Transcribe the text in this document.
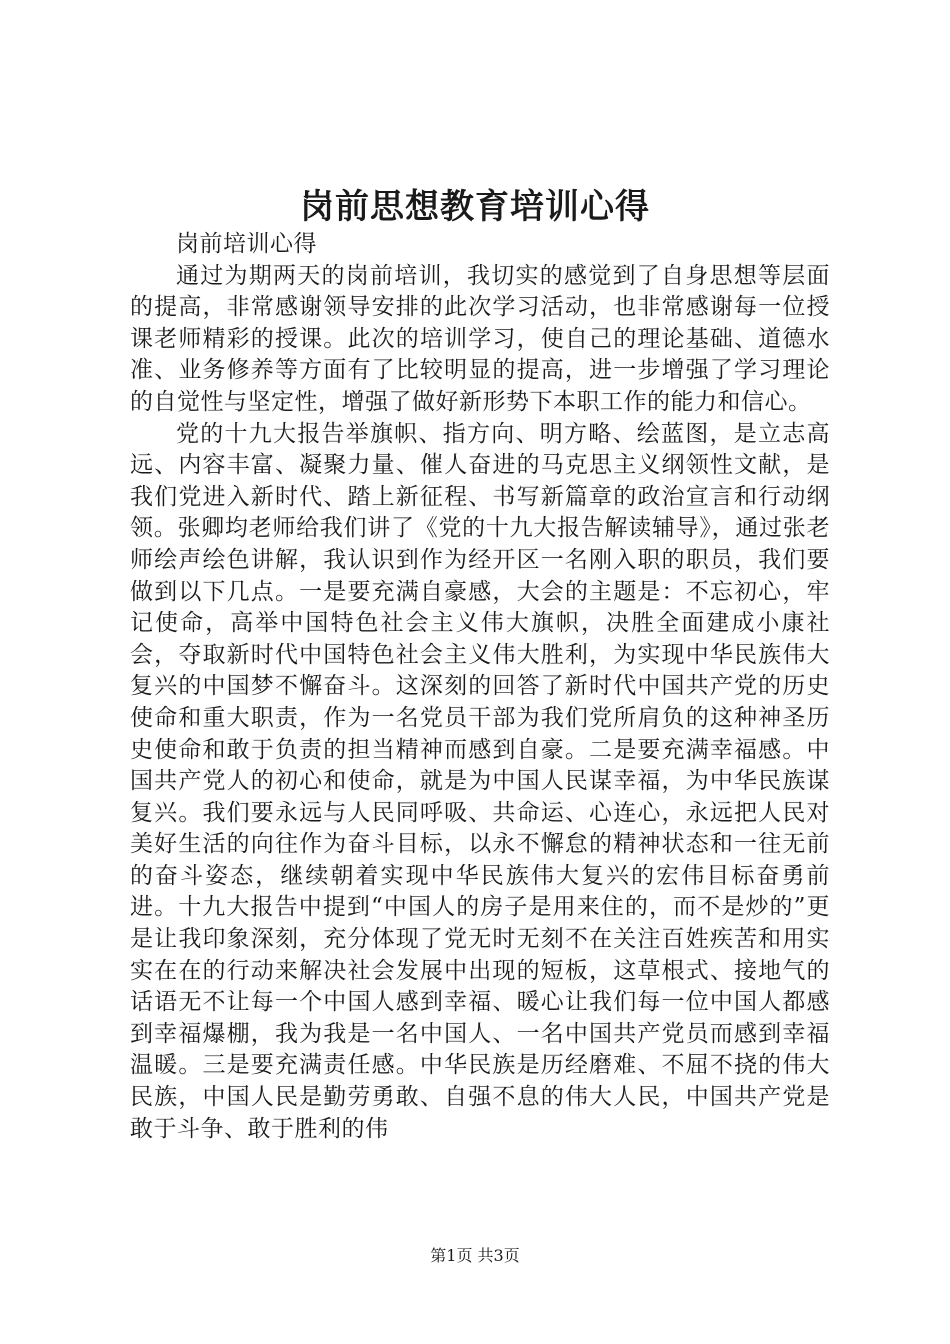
岗前思想教育培训心得

岗前培训心得

通过为期两天的岗前培训，我切实的感觉到了自身思想等层面的提高，非常感谢领导安排的此次学习活动，也非常感谢每一位授课老师精彩的授课。此次的培训学习，使自己的理论基础、道德水准、业务修养等方面有了比较明显的提高，进一步增强了学习理论的自觉性与坚定性，增强了做好新形势下本职工作的能力和信心。

党的十九大报告举旗帜、指方向、明方略、绘蓝图，是立志高远、内容丰富、凝聚力量、催人奋进的马克思主义纲领性文献，是我们党进入新时代、踏上新征程、书写新篇章的政治宣言和行动纲领。张卿均老师给我们讲了《党的十九大报告解读辅导》，通过张老师绘声绘色讲解，我认识到作为经开区一名刚入职的职员，我们要做到以下几点。一是要充满自豪感，大会的主题是：不忘初心，牢记使命，高举中国特色社会主义伟大旗帜，决胜全面建成小康社会，夺取新时代中国特色社会主义伟大胜利，为实现中华民族伟大复兴的中国梦不懈奋斗。这深刻的回答了新时代中国共产党的历史使命和重大职责，作为一名党员干部为我们党所肩负的这种神圣历史使命和敢于负责的担当精神而感到自豪。二是要充满幸福感。中国共产党人的初心和使命，就是为中国人民谋幸福，为中华民族谋复兴。我们要永远与人民同呼吸、共命运、心连心，永远把人民对美好生活的向往作为奋斗目标，以永不懈怠的精神状态和一往无前的奋斗姿态，继续朝着实现中华民族伟大复兴的宏伟目标奋勇前进。十九大报告中提到“中国人的房子是用来住的，而不是炒的”更是让我印象深刻，充分体现了党无时无刻不在关注百姓疾苦和用实实在在的行动来解决社会发展中出现的短板，这草根式、接地气的话语无不让每一个中国人感到幸福、暖心让我们每一位中国人都感到幸福爆棚，我为我是一名中国人、一名中国共产党员而感到幸福温暖。三是要充满责任感。中华民族是历经磨难、不屈不挠的伟大民族，中国人民是勤劳勇敢、自强不息的伟大人民，中国共产党是敢于斗争、敢于胜利的伟

第1页 共3页
